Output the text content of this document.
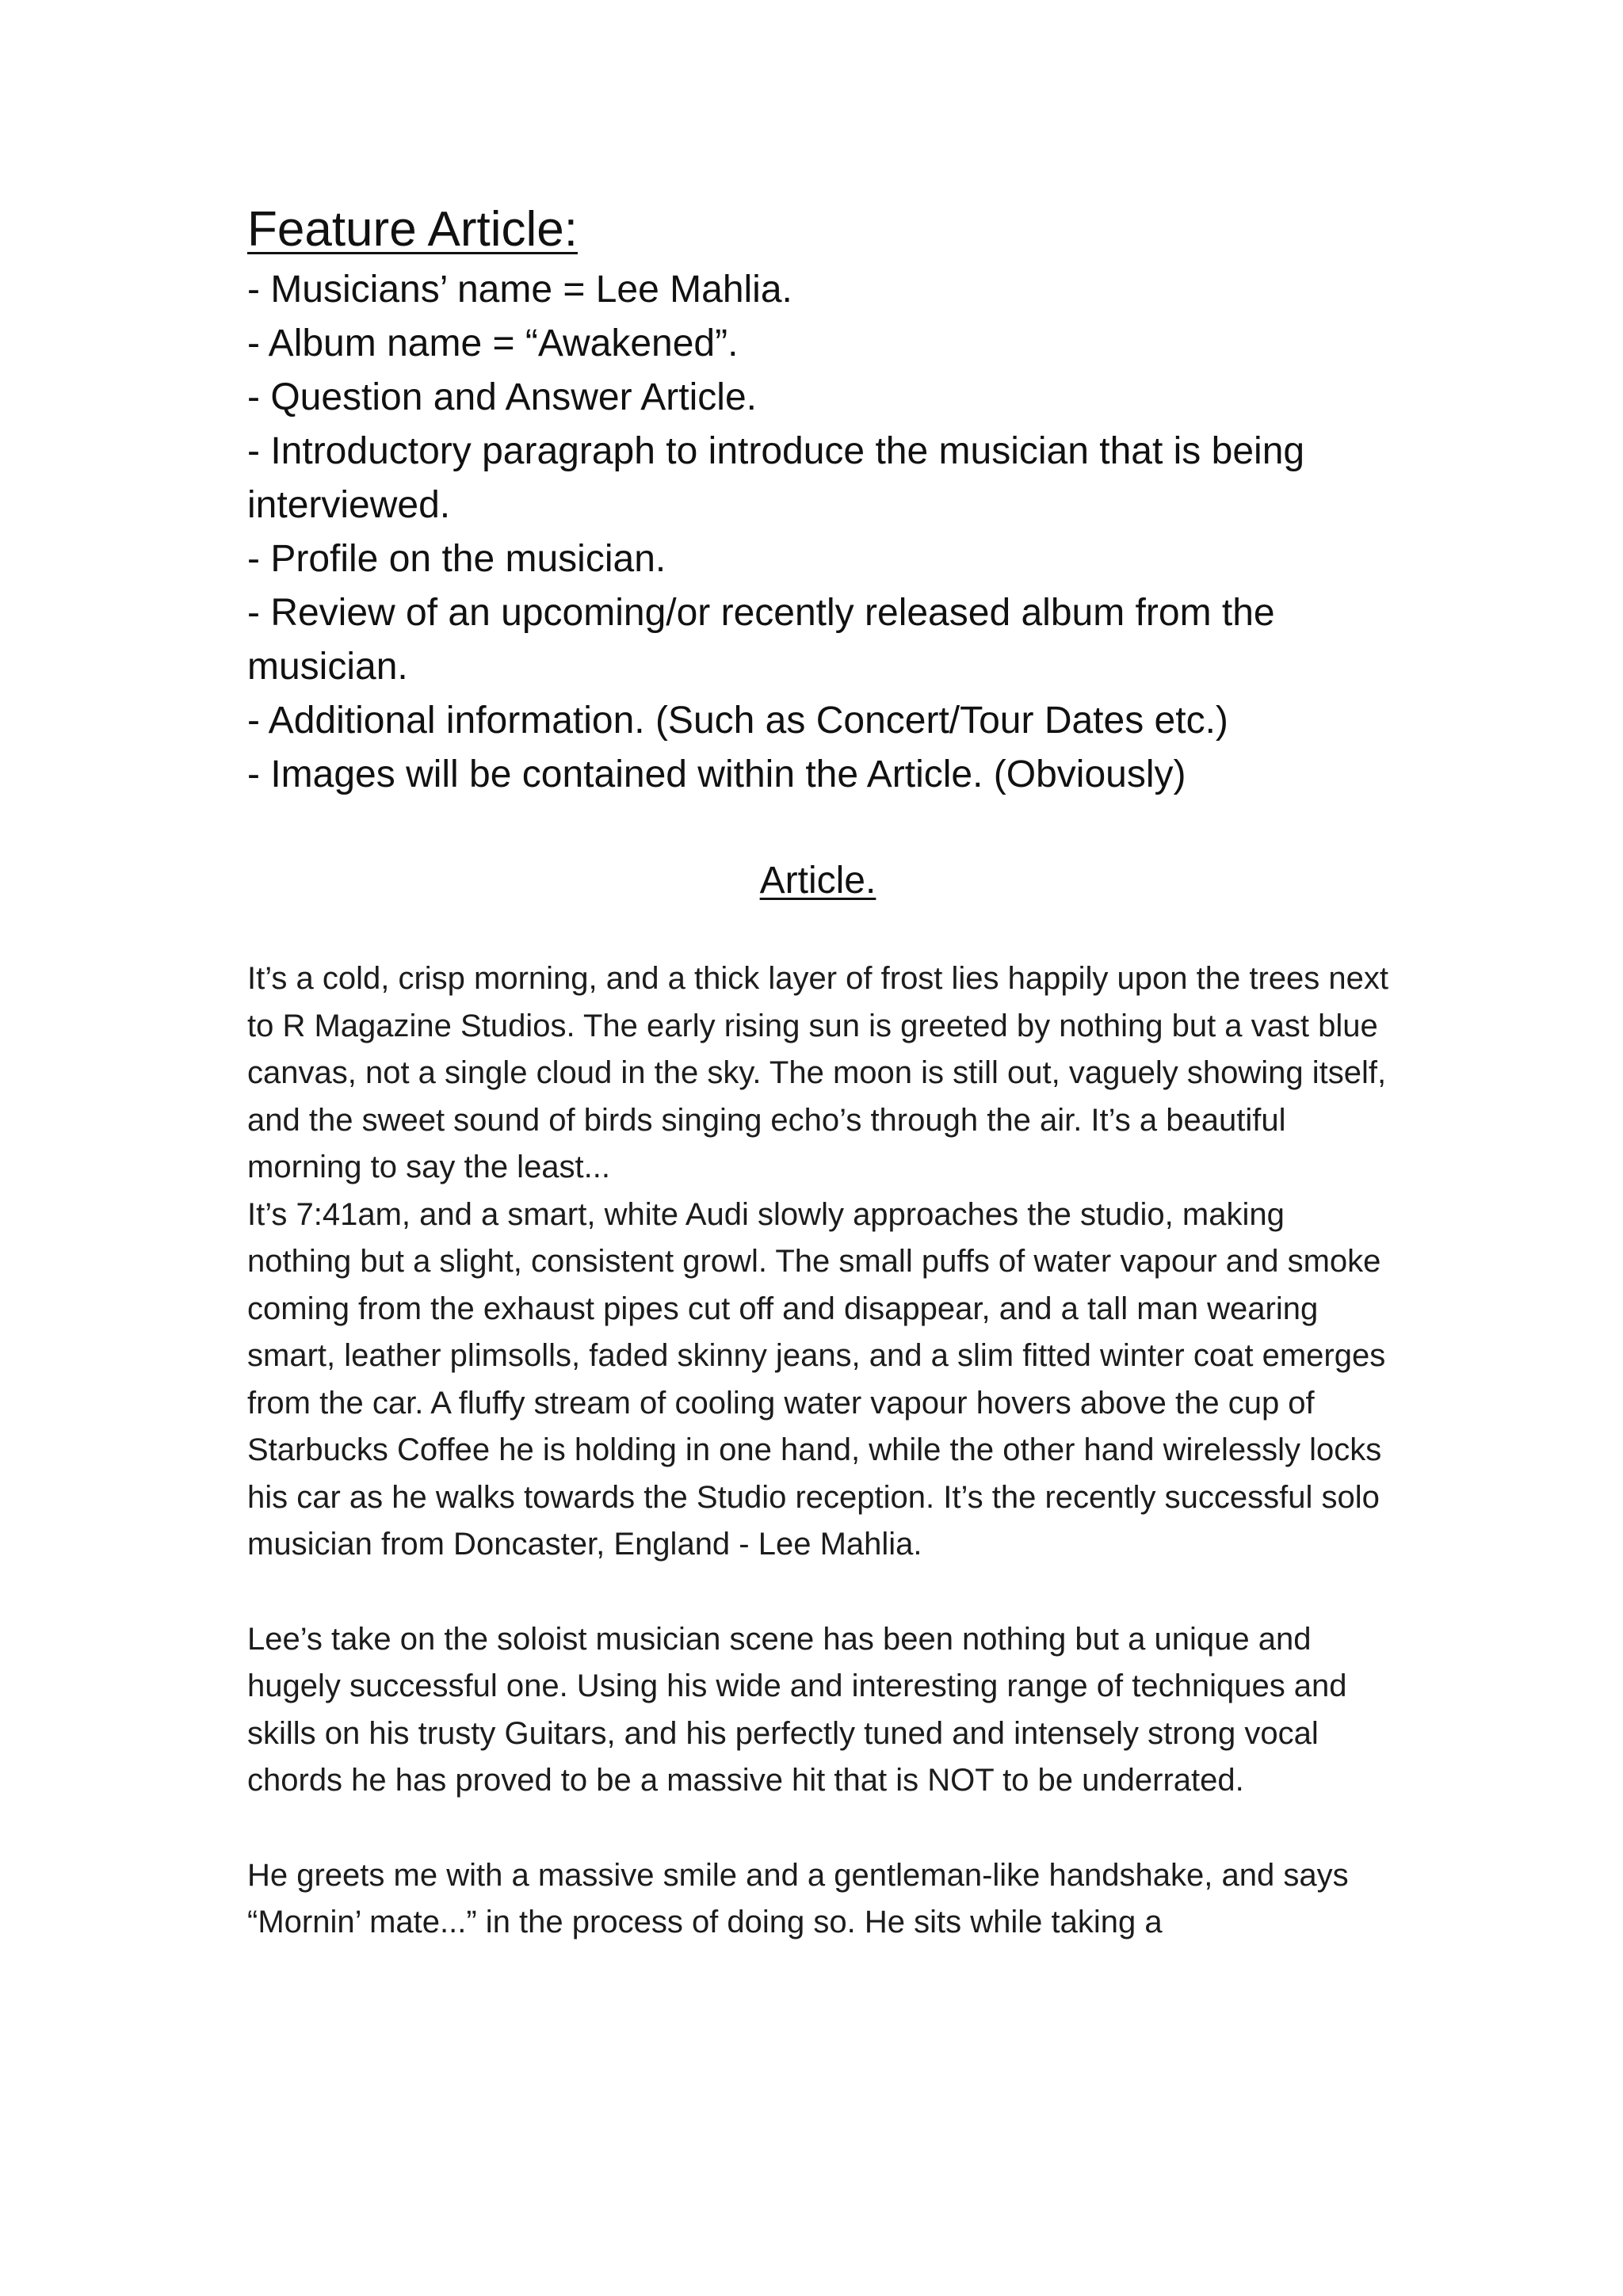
Feature Article:
- Musicians’ name = Lee Mahlia.
- Album name = “Awakened”.
- Question and Answer Article.
- Introductory paragraph to introduce the musician that is being interviewed.
- Profile on the musician.
- Review of an upcoming/or recently released album from the musician.
- Additional information. (Such as Concert/Tour Dates etc.)
- Images will be contained within the Article. (Obviously)
Article.

It’s a cold, crisp morning, and a thick layer of frost lies happily upon the trees next to R Magazine Studios. The early rising sun is greeted by nothing but a vast blue canvas, not a single cloud in the sky. The moon is still out, vaguely showing itself, and the sweet sound of birds singing echo’s through the air. It’s a beautiful morning to say the least...

It’s 7:41am, and a smart, white Audi slowly approaches the studio, making nothing but a slight, consistent growl. The small puffs of water vapour and smoke coming from the exhaust pipes cut off and disappear, and a tall man wearing smart, leather plimsolls, faded skinny jeans, and a slim fitted winter coat emerges from the car. A fluffy stream of cooling water vapour hovers above the cup of Starbucks Coffee he is holding in one hand, while the other hand wirelessly locks his car as he walks towards the Studio reception. It’s the recently successful solo musician from Doncaster, England - Lee Mahlia.

Lee’s take on the soloist musician scene has been nothing but a unique and hugely successful one. Using his wide and interesting range of techniques and skills on his trusty Guitars, and his perfectly tuned and intensely strong vocal chords he has proved to be a massive hit that is NOT to be underrated.

He greets me with a massive smile and a gentleman-like handshake, and says “Mornin’ mate...” in the process of doing so. He sits while taking a
